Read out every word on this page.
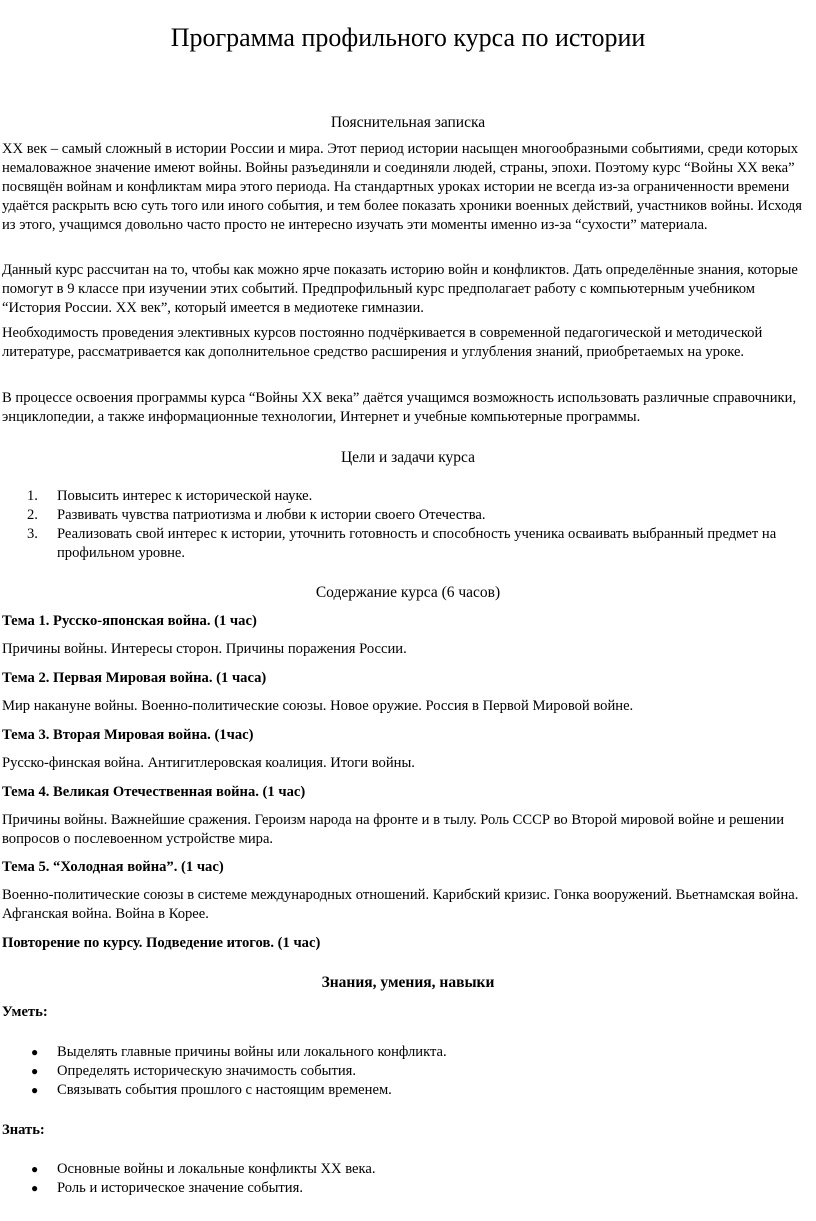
Программа профильного курса по истории
Пояснительная записка

XX век – самый сложный в истории России и мира. Этот период истории насыщен многообразными событиями, среди которых немаловажное значение имеют войны. Войны разъединяли и соединяли людей, страны, эпохи. Поэтому курс “Войны XX века” посвящён войнам и конфликтам мира этого периода. На стандартных уроках истории не всегда из-за ограниченности времени удаётся раскрыть всю суть того или иного события, и тем более показать хроники военных действий, участников войны. Исходя из этого, учащимся довольно часто просто не интересно изучать эти моменты именно из-за “сухости” материала.

Данный курс рассчитан на то, чтобы как можно ярче показать историю войн и конфликтов. Дать определённые знания, которые помогут в 9 классе при изучении этих событий. Предпрофильный курс предполагает работу с компьютерным учебником “История России. XX век”, который имеется в медиотеке гимназии.

Необходимость проведения элективных курсов постоянно подчёркивается в современной педагогической и методической литературе, рассматривается как дополнительное средство расширения и углубления знаний, приобретаемых на уроке.

В процессе освоения программы курса “Войны XX века” даётся учащимся возможность использовать различные справочники, энциклопедии, а также информационные технологии, Интернет и учебные компьютерные программы.

Цели и задачи курса
1. Повысить интерес к исторической науке.
2. Развивать чувства патриотизма и любви к истории своего Отечества.
3. Реализовать свой интерес к истории, уточнить готовность и способность ученика осваивать выбранный предмет на профильном уровне.
Содержание курса (6 часов)

Тема 1. Русско-японская война. (1 час)

Причины войны. Интересы сторон. Причины поражения России.

Тема 2. Первая Мировая война. (1 часа)

Мир накануне войны. Военно-политические союзы. Новое оружие. Россия в Первой Мировой войне.

Тема 3. Вторая Мировая война. (1час)

Русско-финская война. Антигитлеровская коалиция. Итоги войны.

Тема 4. Великая Отечественная война. (1 час)

Причины войны. Важнейшие сражения. Героизм народа на фронте и в тылу. Роль СССР во Второй мировой войне и решении вопросов о послевоенном устройстве мира.

Тема 5. “Холодная война”. (1 час)

Военно-политические союзы в системе международных отношений. Карибский кризис. Гонка вооружений. Вьетнамская война. Афганская война. Война в Корее.

Повторение по курсу. Подведение итогов. (1 час)

Знания, умения, навыки

Уметь:

● Выделять главные причины войны или локального конфликта.
● Определять историческую значимость события.
● Связывать события прошлого с настоящим временем.

Знать:

● Основные войны и локальные конфликты XX века.
● Роль и историческое значение события.
